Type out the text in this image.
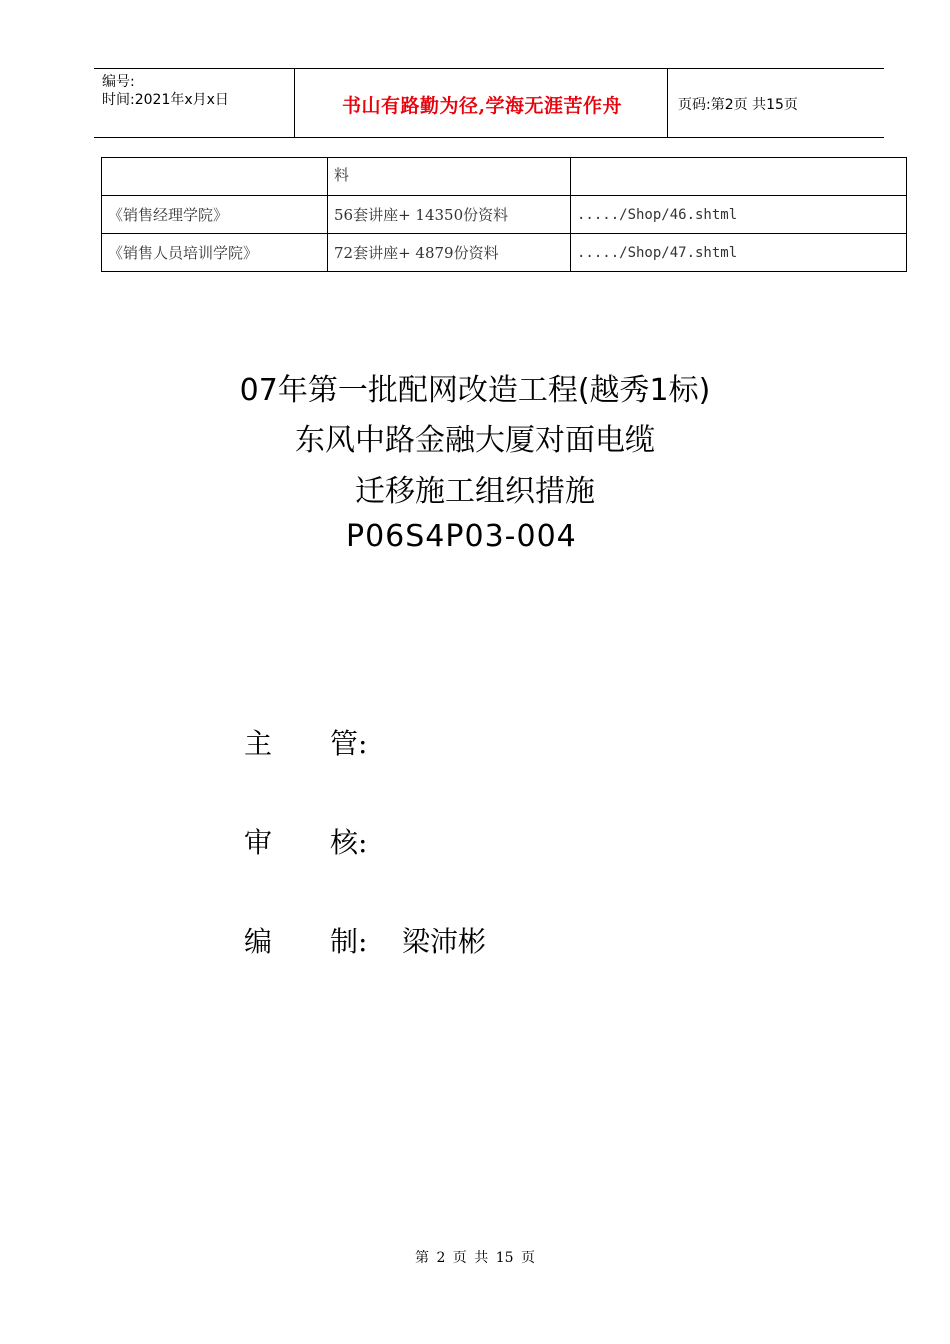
编号:
时间:2021年x月x日	书山有路勤为径,学海无涯苦作舟	页码:第2页 共15页
	料	
《销售经理学院》	56套讲座+ 14350份资料	...../Shop/46.shtml
《销售人员培训学院》	72套讲座+ 4879份资料	...../Shop/47.shtml
07年第一批配网改造工程(越秀1标)
东风中路金融大厦对面电缆
迁移施工组织措施
P06S4P03-004
主 管:
审 核:
编 制: 梁沛彬
第 2 页 共 15 页
